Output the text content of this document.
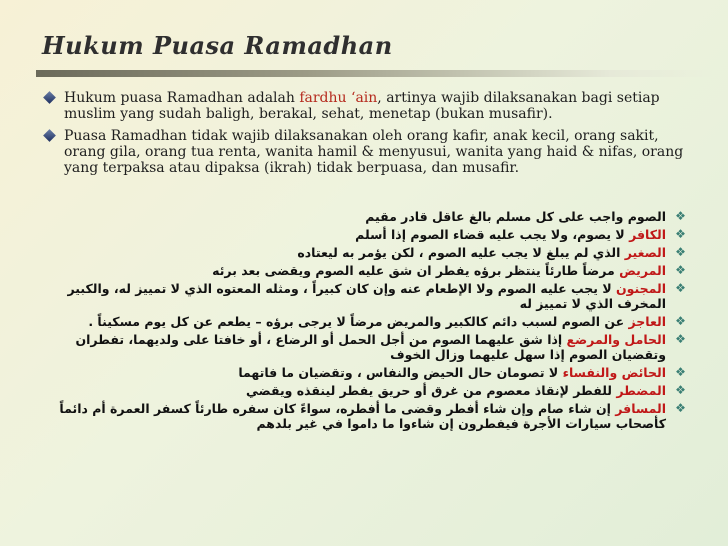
Hukum Puasa Ramadhan
Hukum puasa Ramadhan adalah fardhu ‘ain, artinya wajib dilaksanakan bagi setiap muslim yang sudah baligh, berakal, sehat, menetap (bukan musafir).
Puasa Ramadhan tidak wajib dilaksanakan oleh orang kafir, anak kecil, orang sakit, orang gila, orang tua renta, wanita hamil & menyusui, wanita yang haid & nifas, orang yang terpaksa atau dipaksa (ikrah) tidak berpuasa, dan musafir.
❖
الصوم واجب على كل مسلم بالغ عاقل قادر مقيم
❖
الكافر لا يصوم، ولا يجب عليه قضاء الصوم إذا أسلم
❖
الصغير الذي لم يبلغ لا يجب عليه الصوم ، لكن يؤمر به ليعتاده
❖
المريض مرضاً طارئاً ينتظر برؤه يفطر ان شق عليه الصوم ويقضى بعد برئه
❖
المجنون لا يجب عليه الصوم ولا الإطعام عنه وإن كان كبيراً ، ومثله المعتوه الذي لا تمييز له، والكبير المخرف الذي لا تمييز له
❖
العاجز عن الصوم لسبب دائم كالكبير والمريض مرضاً لا يرجى برؤه – يطعم عن كل يوم مسكيناً .
❖
الحامل والمرضع إذا شق عليهما الصوم من أجل الحمل أو الرضاع ، أو خافتا على ولديهما، تفطران وتقضيان الصوم إذا سهل عليهما وزال الخوف
❖
الحائض والنفساء لا تصومان حال الحيض والنفاس ، وتقضيان ما فاتهما
❖
المضطر للفطر لإنقاذ معصوم من غرق أو حريق يفطر لينقذه ويقضي
❖
المسافر إن شاء صام وإن شاء أفطر وقضى ما أفطره، سواءً كان سفره طارئاً كسفر العمرة أم دائماً كأصحاب سيارات الأجرة فيفطرون إن شاءوا ما داموا في غير بلدهم
